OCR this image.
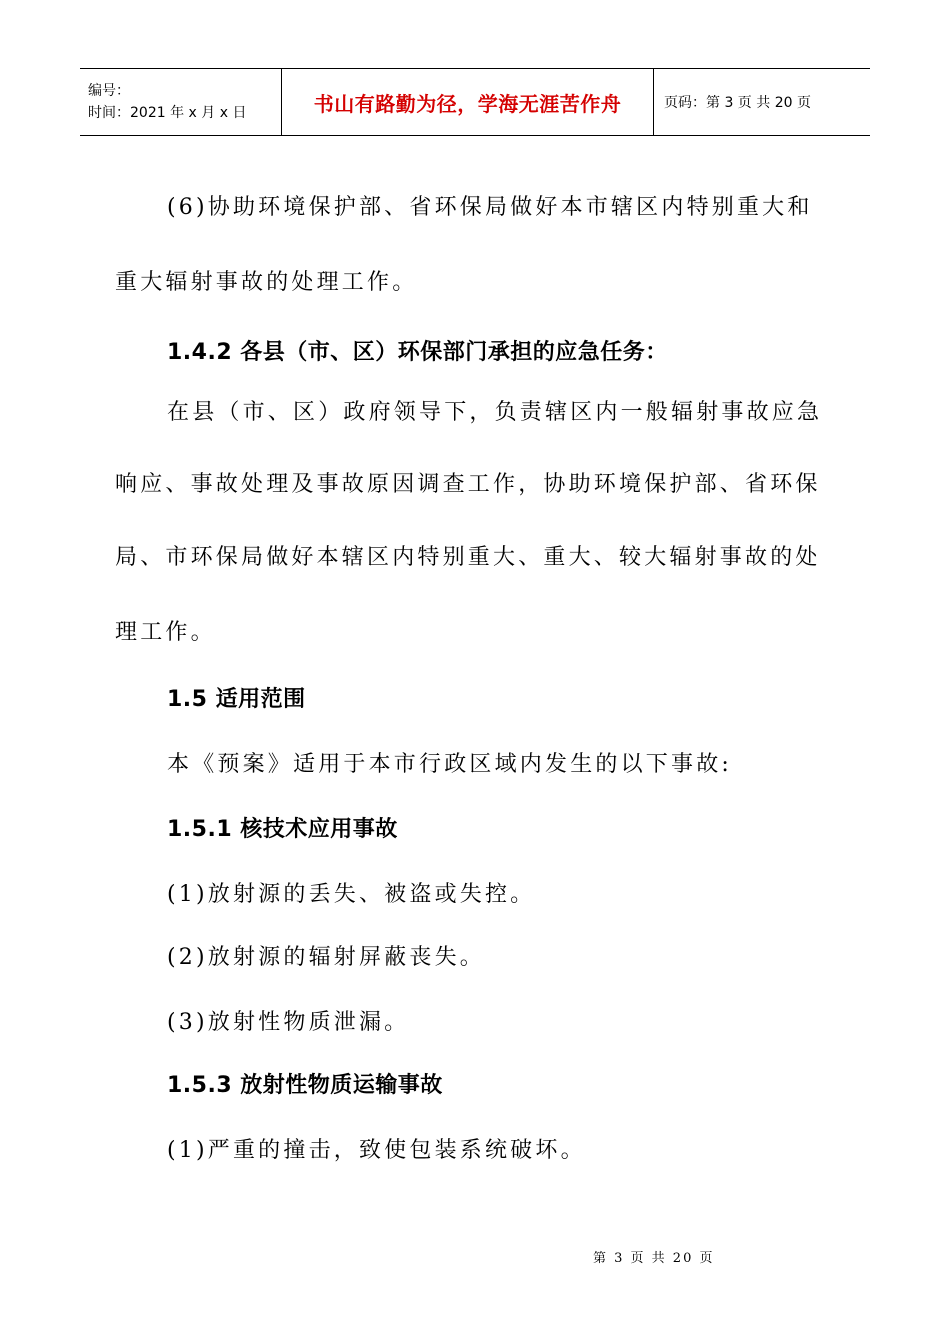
编号：
时间：2021 年 x 月 x 日	书山有路勤为径，学海无涯苦作舟	页码：第 3 页 共 20 页
(6)协助环境保护部、省环保局做好本市辖区内特别重大和
重大辐射事故的处理工作。
1.4.2 各县（市、区）环保部门承担的应急任务：
在县（市、区）政府领导下，负责辖区内一般辐射事故应急
响应、事故处理及事故原因调查工作，协助环境保护部、省环保
局、市环保局做好本辖区内特别重大、重大、较大辐射事故的处
理工作。
1.5 适用范围
本《预案》适用于本市行政区域内发生的以下事故:
1.5.1 核技术应用事故
(1)放射源的丢失、被盗或失控。
(2)放射源的辐射屏蔽丧失。
(3)放射性物质泄漏。
1.5.3 放射性物质运输事故
(1)严重的撞击，致使包装系统破坏。
第 3 页 共 20 页
